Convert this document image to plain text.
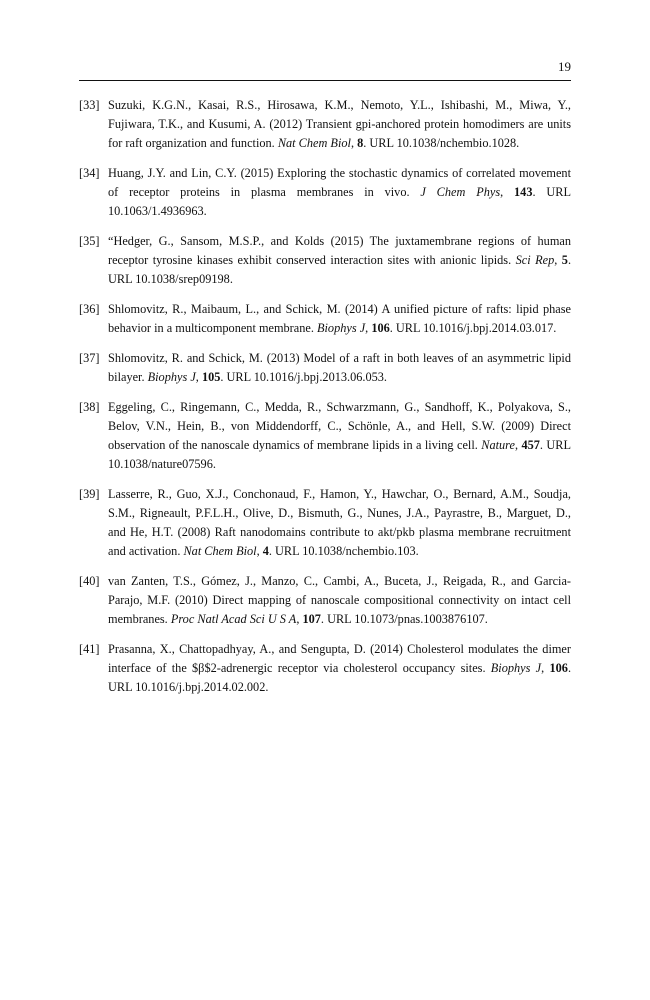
19
[33] Suzuki, K.G.N., Kasai, R.S., Hirosawa, K.M., Nemoto, Y.L., Ishibashi, M., Miwa, Y., Fujiwara, T.K., and Kusumi, A. (2012) Transient gpi-anchored protein homodimers are units for raft organization and function. Nat Chem Biol, 8. URL 10.1038/nchembio.1028.
[34] Huang, J.Y. and Lin, C.Y. (2015) Exploring the stochastic dynamics of correlated movement of receptor proteins in plasma membranes in vivo. J Chem Phys, 143. URL 10.1063/1.4936963.
[35] “Hedger, G., Sansom, M.S.P., and Kolds (2015) The juxtamembrane regions of human receptor tyrosine kinases exhibit conserved interaction sites with anionic lipids. Sci Rep, 5. URL 10.1038/srep09198.
[36] Shlomovitz, R., Maibaum, L., and Schick, M. (2014) A unified picture of rafts: lipid phase behavior in a multicomponent membrane. Biophys J, 106. URL 10.1016/j.bpj.2014.03.017.
[37] Shlomovitz, R. and Schick, M. (2013) Model of a raft in both leaves of an asymmetric lipid bilayer. Biophys J, 105. URL 10.1016/j.bpj.2013.06.053.
[38] Eggeling, C., Ringemann, C., Medda, R., Schwarzmann, G., Sandhoff, K., Polyakova, S., Belov, V.N., Hein, B., von Middendorff, C., Schönle, A., and Hell, S.W. (2009) Direct observation of the nanoscale dynamics of membrane lipids in a living cell. Nature, 457. URL 10.1038/nature07596.
[39] Lasserre, R., Guo, X.J., Conchonaud, F., Hamon, Y., Hawchar, O., Bernard, A.M., Soudja, S.M., Rigneault, P.F.L.H., Olive, D., Bismuth, G., Nunes, J.A., Payrastre, B., Marguet, D., and He, H.T. (2008) Raft nanodomains contribute to akt/pkb plasma membrane recruitment and activation. Nat Chem Biol, 4. URL 10.1038/nchembio.103.
[40] van Zanten, T.S., Gómez, J., Manzo, C., Cambi, A., Buceta, J., Reigada, R., and Garcia-Parajo, M.F. (2010) Direct mapping of nanoscale compositional connectivity on intact cell membranes. Proc Natl Acad Sci U S A, 107. URL 10.1073/pnas.1003876107.
[41] Prasanna, X., Chattopadhyay, A., and Sengupta, D. (2014) Cholesterol modulates the dimer interface of the $β$2-adrenergic receptor via cholesterol occupancy sites. Biophys J, 106. URL 10.1016/j.bpj.2014.02.002.
